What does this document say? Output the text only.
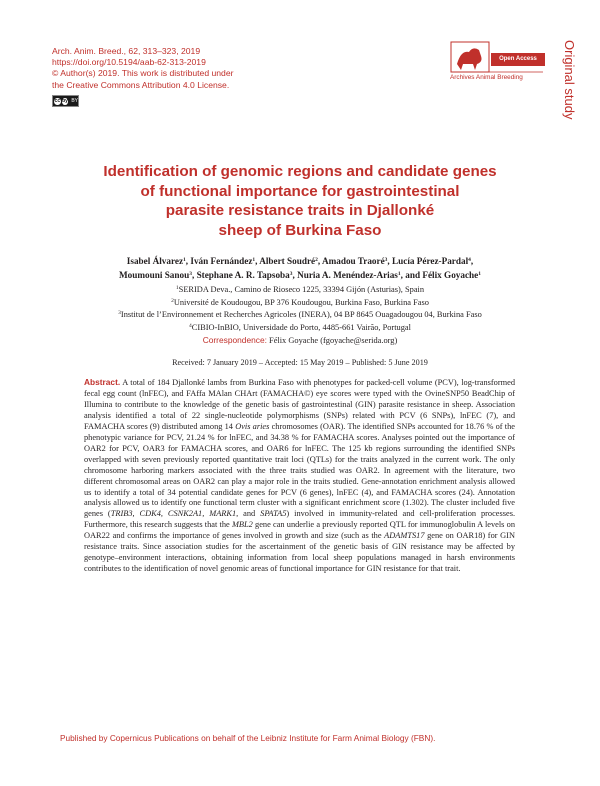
Arch. Anim. Breed., 62, 313–323, 2019
https://doi.org/10.5194/aab-62-313-2019
© Author(s) 2019. This work is distributed under
the Creative Commons Attribution 4.0 License.
cc by BY
Open Access
Archives Animal Breeding	Original study
Identification of genomic regions and candidate genes
of functional importance for gastrointestinal
parasite resistance traits in Djallonké
sheep of Burkina Faso
Isabel Álvarez$^1$, Iván Fernández$^1$, Albert Soudré$^2$, Amadou Traoré$^3$, Lucía Pérez-Pardal$^4$,
Moumouni Sanou$^3$, Stephane A. R. Tapsoba$^3$, Nuria A. Menéndez-Arias$^1$, and Félix Goyache$^1$
$^1$SERIDA Deva., Camino de Rioseco 1225, 33394 Gijón (Asturias), Spain
$^2$Université de Koudougou, BP 376 Koudougou, Burkina Faso, Burkina Faso
$^3$Institut de l’Environnement et Recherches Agricoles (INERA), 04 BP 8645 Ouagadougou 04, Burkina Faso
$^4$CIBIO-InBIO, Universidade do Porto, 4485-661 Vairão, Portugal
Correspondence: Félix Goyache (fgoyache@serida.org)
Received: 7 January 2019 – Accepted: 15 May 2019 – Published: 5 June 2019
Abstract. A total of 184 Djallonké lambs from Burkina Faso with phenotypes for packed-cell volume (PCV), log-transformed fecal egg count (lnFEC), and FAffa MAlan CHArt (FAMACHA©) eye scores were typed with the OvineSNP50 BeadChip of Illumina to contribute to the knowledge of the genetic basis of gastrointestinal (GIN) parasite resistance in sheep. Association analysis identified a total of 22 single-nucleotide polymorphisms (SNPs) related with PCV (6 SNPs), lnFEC (7), and FAMACHA scores (9) distributed among 14 Ovis aries chromosomes (OAR). The identified SNPs accounted for 18.76 % of the phenotypic variance for PCV, 21.24 % for lnFEC, and 34.38 % for FAMACHA scores. Analyses pointed out the importance of OAR2 for PCV, OAR3 for FAMACHA scores, and OAR6 for lnFEC. The 125 kb regions surrounding the identified SNPs overlapped with seven previously reported quantitative trait loci (QTLs) for the traits analyzed in the current work. The only chromosome harboring markers associated with the three traits studied was OAR2. In agreement with the literature, two different chromosomal areas on OAR2 can play a major role in the traits studied. Gene-annotation enrichment analysis allowed us to identify a total of 34 potential candidate genes for PCV (6 genes), lnFEC (4), and FAMACHA scores (24). Annotation analysis allowed us to identify one functional term cluster with a significant enrichment score (1.302). The cluster included five genes (TRIB3, CDK4, CSNK2A1, MARK1, and SPATA5) involved in immunity-related and cell-proliferation processes. Furthermore, this research suggests that the MBL2 gene can underlie a previously reported QTL for immunoglobulin A levels on OAR22 and confirms the importance of genes involved in growth and size (such as the ADAMTS17 gene on OAR18) for GIN resistance traits. Since association studies for the ascertainment of the genetic basis of GIN resistance may be affected by genotype–environment interactions, obtaining information from local sheep populations managed in harsh environments contributes to the identification of novel genomic areas of functional importance for GIN resistance for that trait.
Published by Copernicus Publications on behalf of the Leibniz Institute for Farm Animal Biology (FBN).
